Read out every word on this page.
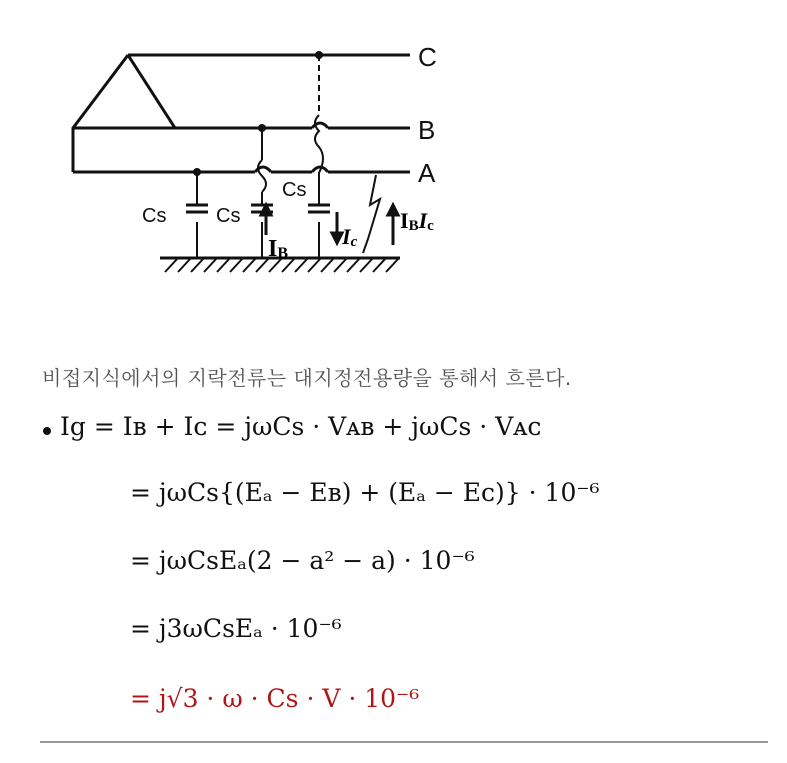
C
B
A
Cs Cs
Cs
IB
Ic
IBIc
비접지식에서의 지락전류는 대지정전용량을 통해서 흐른다.
Ig = Iʙ + Iᴄ = jωCs · Vᴀʙ + jωCs · Vᴀᴄ
= jωCs{(Eₐ − Eʙ) + (Eₐ − Eᴄ)} · 10⁻⁶
= jωCsEₐ(2 − a² − a) · 10⁻⁶
= j3ωCsEₐ · 10⁻⁶
= j√3 · ω · Cs · V · 10⁻⁶
